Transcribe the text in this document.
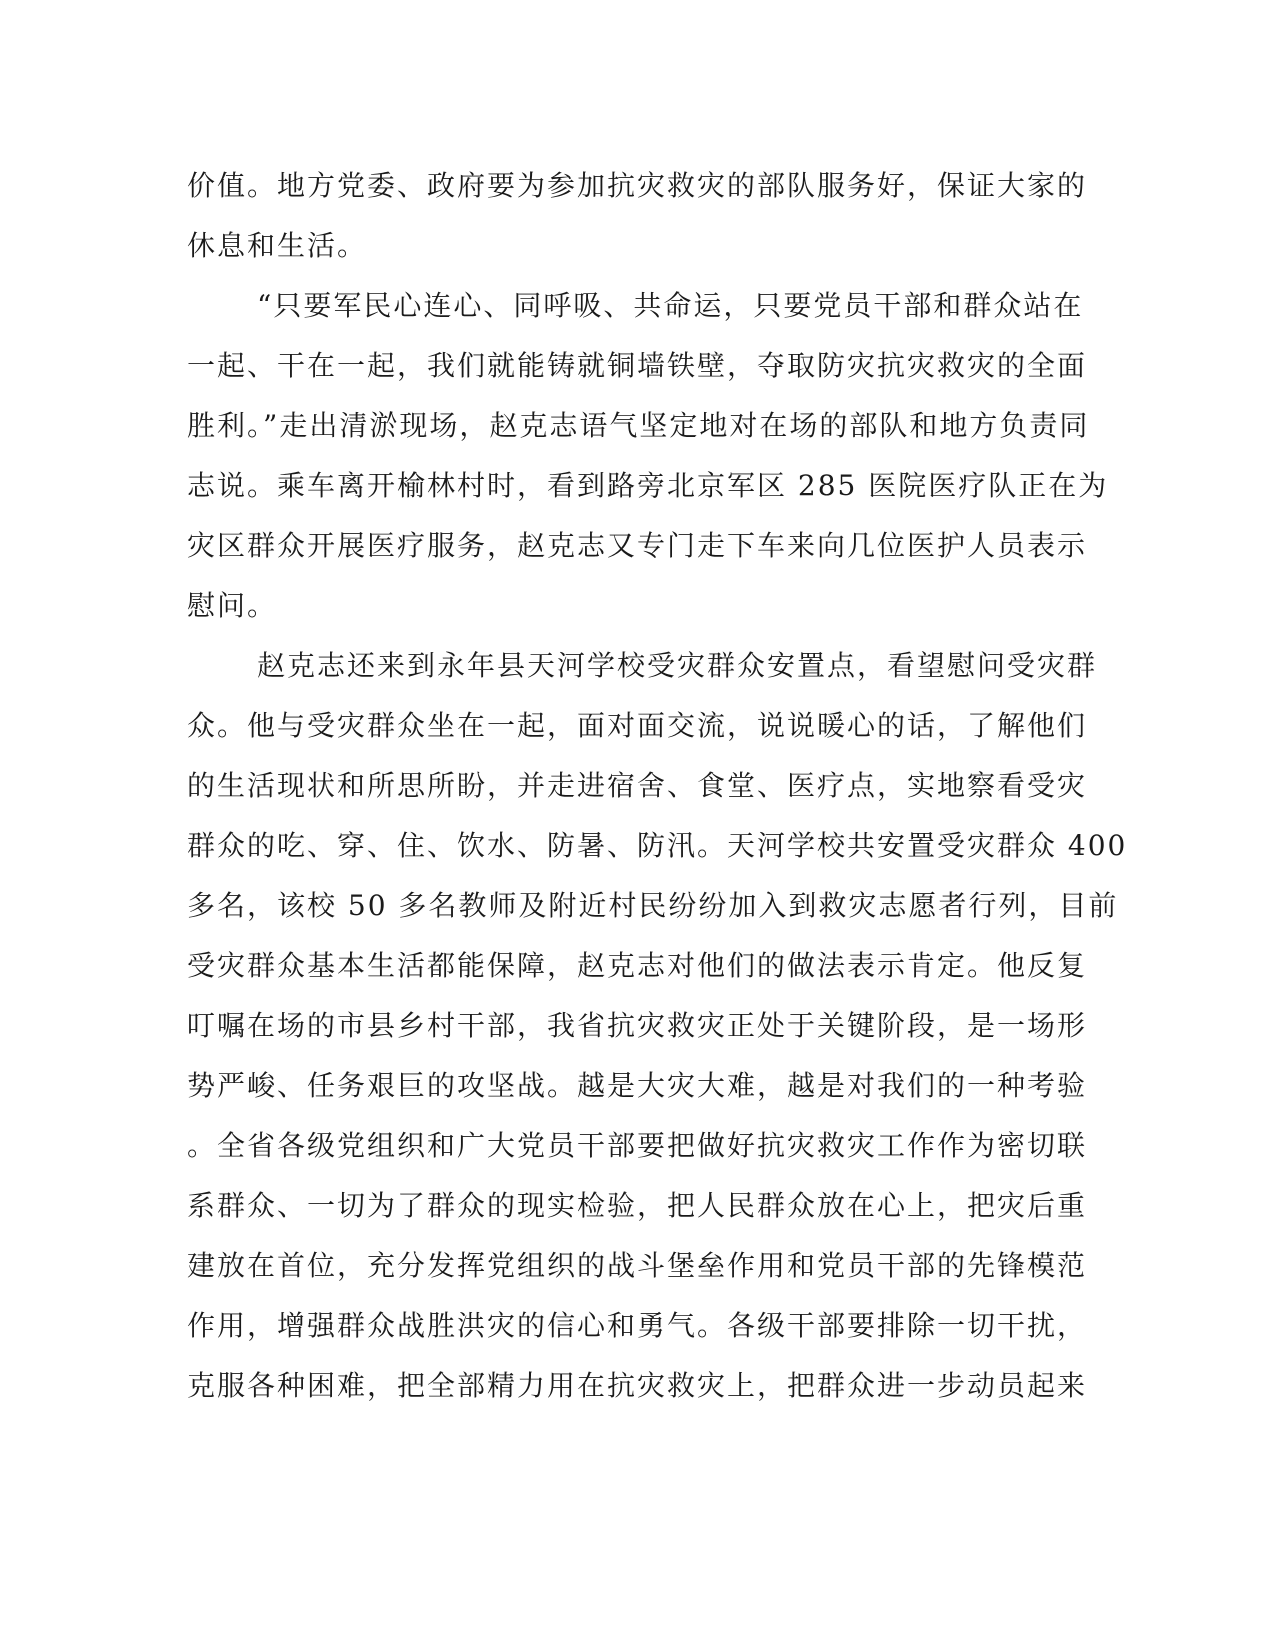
价值。地方党委、政府要为参加抗灾救灾的部队服务好，保证大家的
休息和生活。
“只要军民心连心、同呼吸、共命运，只要党员干部和群众站在
一起、干在一起，我们就能铸就铜墙铁壁，夺取防灾抗灾救灾的全面
胜利。”走出清淤现场，赵克志语气坚定地对在场的部队和地方负责同
志说。乘车离开榆林村时，看到路旁北京军区 285 医院医疗队正在为
灾区群众开展医疗服务，赵克志又专门走下车来向几位医护人员表示
慰问。
赵克志还来到永年县天河学校受灾群众安置点，看望慰问受灾群
众。他与受灾群众坐在一起，面对面交流，说说暖心的话，了解他们
的生活现状和所思所盼，并走进宿舍、食堂、医疗点，实地察看受灾
群众的吃、穿、住、饮水、防暑、防汛。天河学校共安置受灾群众 400
多名，该校 50 多名教师及附近村民纷纷加入到救灾志愿者行列，目前
受灾群众基本生活都能保障，赵克志对他们的做法表示肯定。他反复
叮嘱在场的市县乡村干部，我省抗灾救灾正处于关键阶段，是一场形
势严峻、任务艰巨的攻坚战。越是大灾大难，越是对我们的一种考验
。全省各级党组织和广大党员干部要把做好抗灾救灾工作作为密切联
系群众、一切为了群众的现实检验，把人民群众放在心上，把灾后重
建放在首位，充分发挥党组织的战斗堡垒作用和党员干部的先锋模范
作用，增强群众战胜洪灾的信心和勇气。各级干部要排除一切干扰，
克服各种困难，把全部精力用在抗灾救灾上，把群众进一步动员起来
